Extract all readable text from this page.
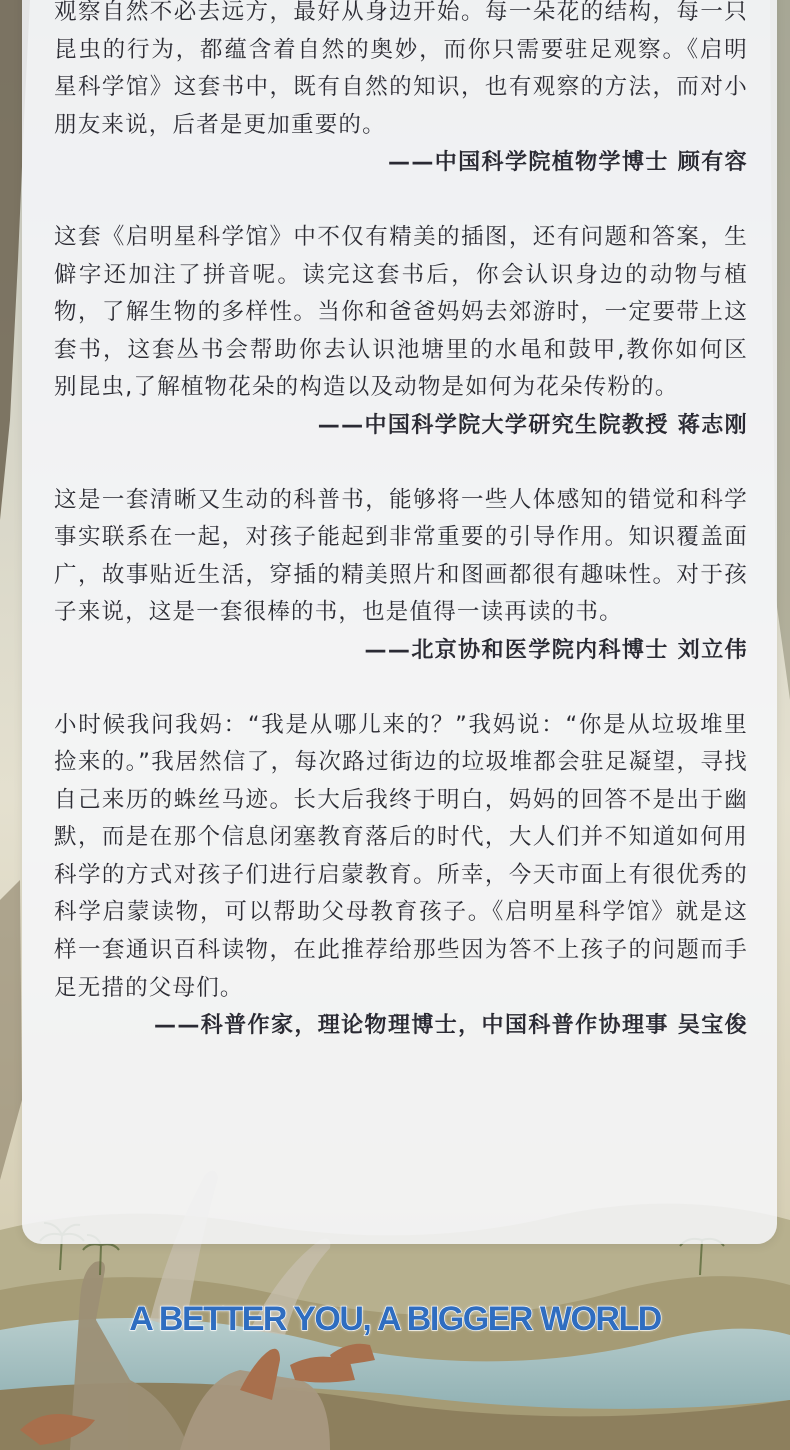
观察自然不必去远方，最好从身边开始。每一朵花的结构，每一只昆虫的行为，都蕴含着自然的奥妙，而你只需要驻足观察。《启明星科学馆》这套书中，既有自然的知识，也有观察的方法，而对小朋友来说，后者是更加重要的。

——中国科学院植物学博士 顾有容

这套《启明星科学馆》中不仅有精美的插图，还有问题和答案，生僻字还加注了拼音呢。读完这套书后，你会认识身边的动物与植物，了解生物的多样性。当你和爸爸妈妈去郊游时，一定要带上这套书，这套丛书会帮助你去认识池塘里的水黾和鼓甲,教你如何区别昆虫,了解植物花朵的构造以及动物是如何为花朵传粉的。

——中国科学院大学研究生院教授 蒋志刚

这是一套清晰又生动的科普书，能够将一些人体感知的错觉和科学事实联系在一起，对孩子能起到非常重要的引导作用。知识覆盖面广，故事贴近生活，穿插的精美照片和图画都很有趣味性。对于孩子来说，这是一套很棒的书，也是值得一读再读的书。

——北京协和医学院内科博士 刘立伟

小时候我问我妈：“我是从哪儿来的？”我妈说：“你是从垃圾堆里捡来的。”我居然信了，每次路过街边的垃圾堆都会驻足凝望，寻找自己来历的蛛丝马迹。长大后我终于明白，妈妈的回答不是出于幽默，而是在那个信息闭塞教育落后的时代，大人们并不知道如何用科学的方式对孩子们进行启蒙教育。所幸，今天市面上有很优秀的科学启蒙读物，可以帮助父母教育孩子。《启明星科学馆》就是这样一套通识百科读物，在此推荐给那些因为答不上孩子的问题而手足无措的父母们。

——科普作家，理论物理博士，中国科普作协理事 吴宝俊

A BETTER YOU, A BIGGER WORLD
